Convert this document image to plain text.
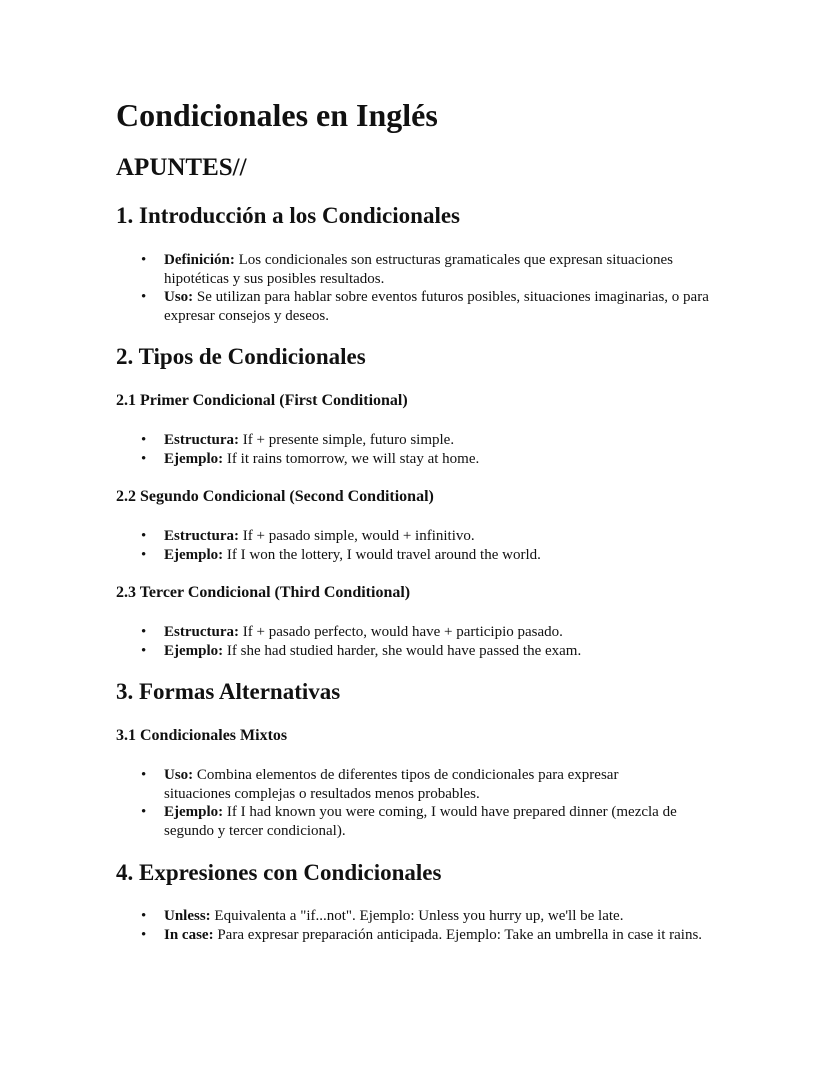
Condicionales en Inglés
APUNTES//
1. Introducción a los Condicionales
• Definición: Los condicionales son estructuras gramaticales que expresan situaciones hipotéticas y sus posibles resultados.
• Uso: Se utilizan para hablar sobre eventos futuros posibles, situaciones imaginarias, o para expresar consejos y deseos.
2. Tipos de Condicionales
2.1 Primer Condicional (First Conditional)
• Estructura: If + presente simple, futuro simple.
• Ejemplo: If it rains tomorrow, we will stay at home.
2.2 Segundo Condicional (Second Conditional)
• Estructura: If + pasado simple, would + infinitivo.
• Ejemplo: If I won the lottery, I would travel around the world.
2.3 Tercer Condicional (Third Conditional)
• Estructura: If + pasado perfecto, would have + participio pasado.
• Ejemplo: If she had studied harder, she would have passed the exam.
3. Formas Alternativas
3.1 Condicionales Mixtos
• Uso: Combina elementos de diferentes tipos de condicionales para expresar situaciones complejas o resultados menos probables.
• Ejemplo: If I had known you were coming, I would have prepared dinner (mezcla de segundo y tercer condicional).
4. Expresiones con Condicionales
• Unless: Equivalenta a "if...not". Ejemplo: Unless you hurry up, we'll be late.
• In case: Para expresar preparación anticipada. Ejemplo: Take an umbrella in case it rains.
